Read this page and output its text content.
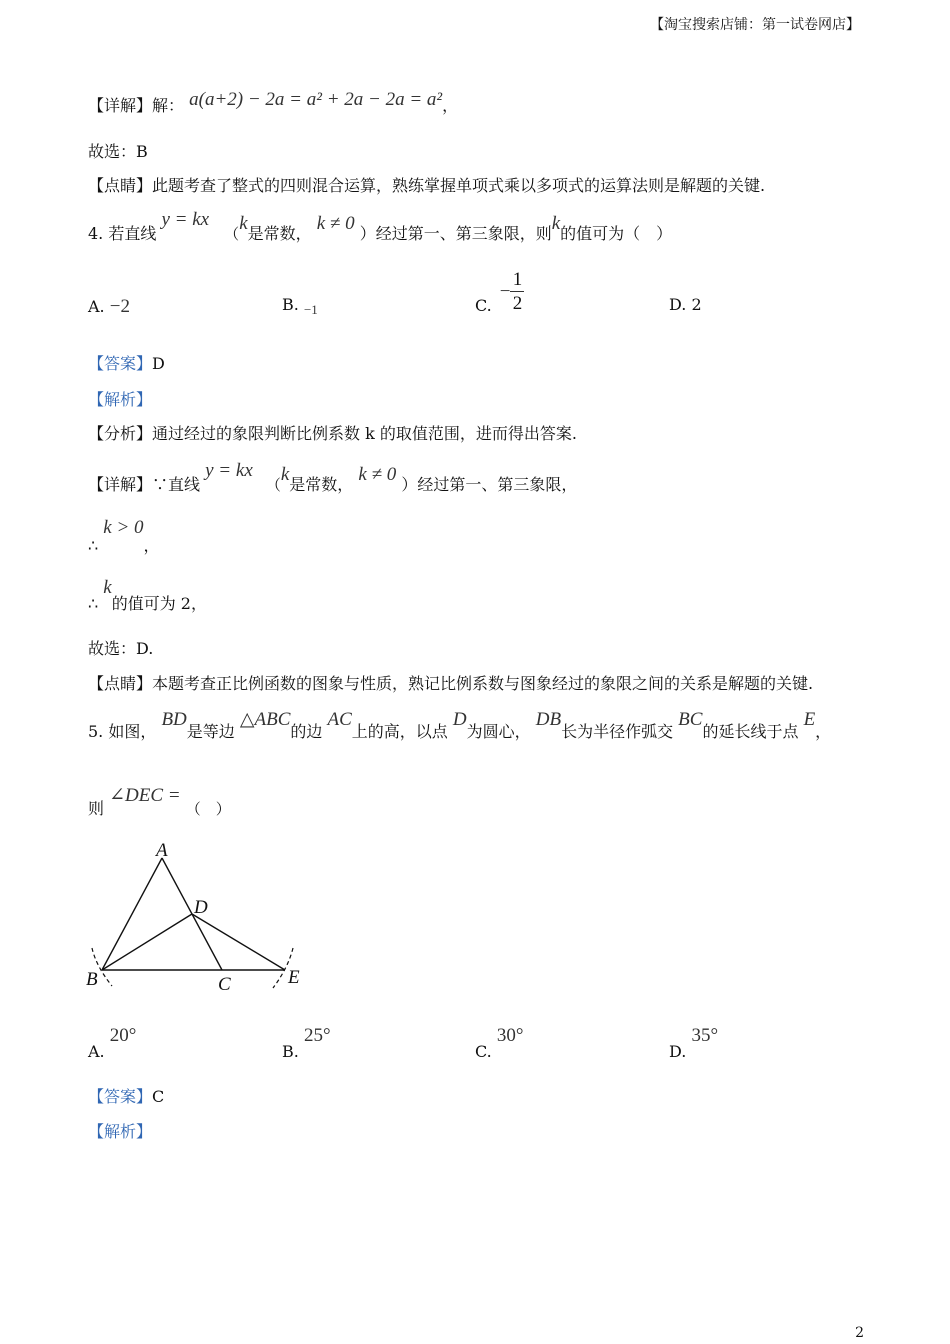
【淘宝搜索店铺：第一试卷网店】
【详解】解： a(a+2) − 2a = a² + 2a − 2a = a²，
故选：B
【点睛】此题考查了整式的四则混合运算，熟练掌握单项式乘以多项式的运算法则是解题的关键.
4. 若直线 y = kx （k是常数， k ≠ 0 ）经过第一、第三象限，则k的值可为（　）
A. −2	B. $_{-1}$	C.
− $\frac{1}{2}$	D. 2
【答案】D
【解析】
【分析】通过经过的象限判断比例系数 k 的取值范围，进而得出答案.
【详解】∵直线 y = kx （k是常数， k ≠ 0 ）经过第一、第三象限，
∴ k > 0，
∴ k的值可为 2，
故选：D.
【点睛】本题考查正比例函数的图象与性质，熟记比例系数与图象经过的象限之间的关系是解题的关键.
5. 如图， BD是等边 △ABC的边 AC上的高，以点 D为圆心， DB长为半径作弧交 BC的延长线于点 E，
则 ∠DEC = （　）
A
D
B	C	E
A. 20°
B. 25°
C. 30°
D. 35°
【答案】C
【解析】
2
